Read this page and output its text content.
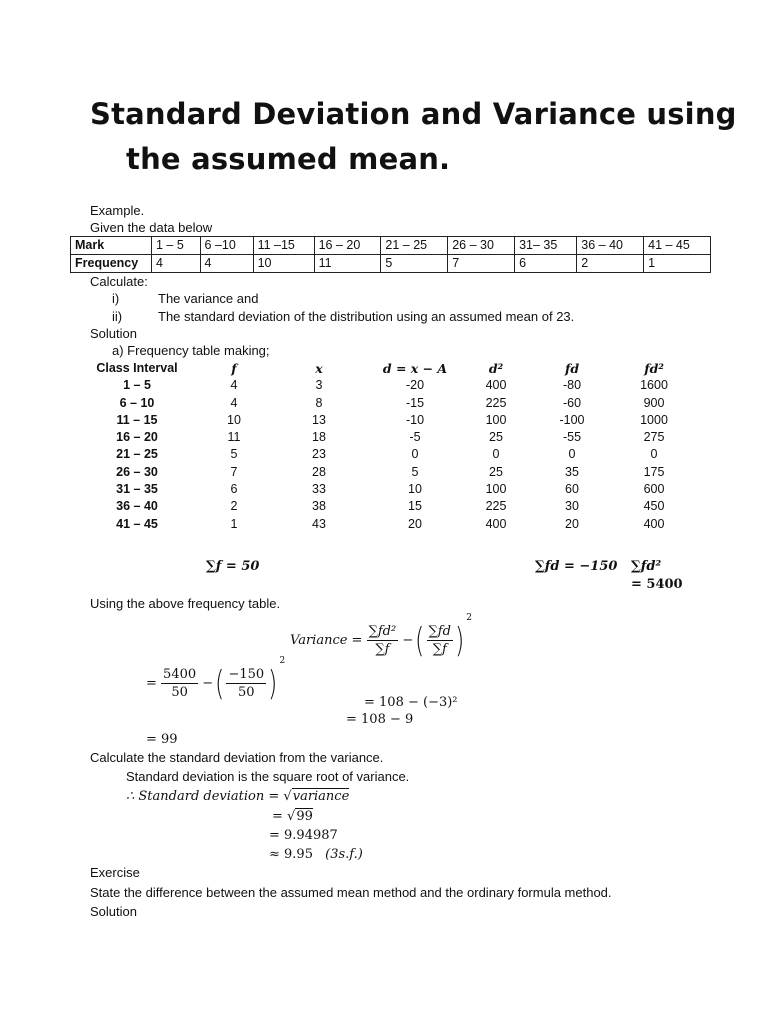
Standard Deviation and Variance using
the assumed mean.
Example.
Given the data below
Mark	1 – 5	6 –10	11 –15	16 – 20	21 – 25	26 – 30	31– 35	36 – 40	41 – 45
Frequency	4	4	10	11	5	7	6	2	1
Calculate:
i)	The variance and
ii)	The standard deviation of the distribution using an assumed mean of 23.
Solution
a) Frequency table making;
Class Interval	f	x	d = x − A	d²	fd	fd²
1 – 5	4	3	-20	400	-80	1600
6 – 10	4	8	-15	225	-60	900
11 – 15	10	13	-10	100	-100	1000
16 – 20	11	18	-5	25	-55	275
21 – 25	5	23	0	0	0	0
26 – 30	7	28	5	25	35	175
31 – 35	6	33	10	100	60	600
36 – 40	2	38	15	225	30	450
41 – 45	1	43	20	400	20	400
∑f = 50	∑fd = −150 ∑fd²
= 5400
Using the above frequency table.
Variance = $\frac{\text{∑fd²}}{\sum f}$ −( $\frac{\sum fd}{\sum f} )^2$
= $\frac{5400}{50}$ −( $\frac{-150}{50} )^2$
= 108 − (−3)²
= 108 − 9
= 99
Calculate the standard deviation from the variance.
Standard deviation is the square root of variance.
∴ Standard deviation = √variance
= √99
= 9.94987
≈ 9.95 (3s.f.)
Exercise
State the difference between the assumed mean method and the ordinary formula method.
Solution
